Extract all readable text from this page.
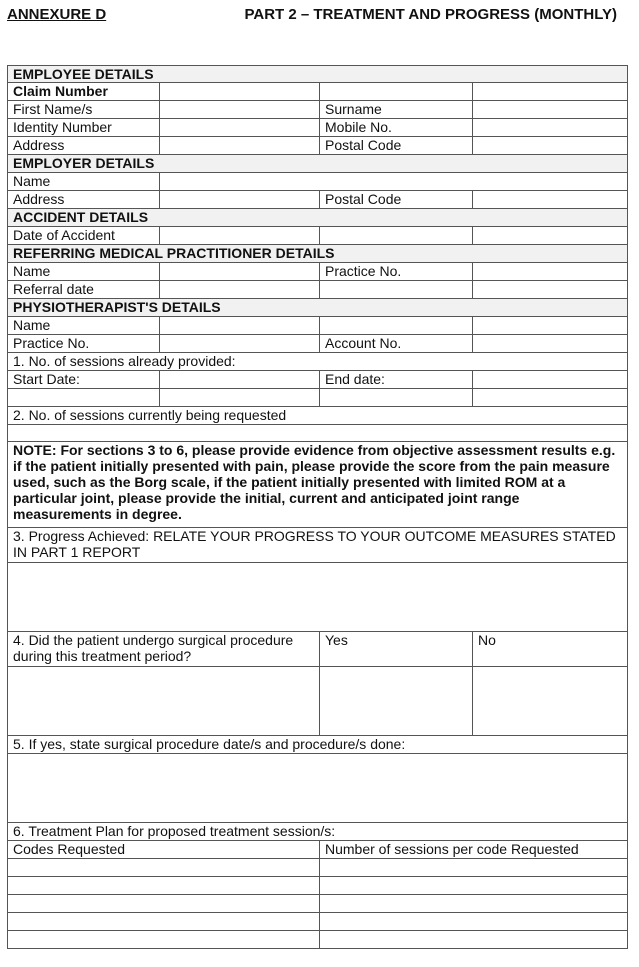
ANNEXURE D	PART 2 – TREATMENT AND PROGRESS (MONTHLY)
EMPLOYEE DETAILS			
Claim Number			
First Name/s		Surname	
Identity Number		Mobile No.	
Address		Postal Code	
EMPLOYER DETAILS			
Name			
Address		Postal Code	
ACCIDENT DETAILS			
Date of Accident			
REFERRING MEDICAL PRACTITIONER DETAILS			
Name		Practice No.	
Referral date			
PHYSIOTHERAPIST'S DETAILS			
Name			
Practice No.		Account No.	
1. No. of sessions already provided:			
Start Date:		End date:	

2. No. of sessions currently being requested			

NOTE: For sections 3 to 6, please provide evidence from objective assessment results e.g. if the patient initially presented with pain, please provide the score from the pain measure used, such as the Borg scale, if the patient initially presented with limited ROM at a particular joint, please provide the initial, current and anticipated joint range measurements in degree.			
3. Progress Achieved: RELATE YOUR PROGRESS TO YOUR OUTCOME MEASURES STATED IN PART 1 REPORT			

4. Did the patient undergo surgical procedure during this treatment period?		Yes	No

5. If yes, state surgical procedure date/s and procedure/s done:			

6. Treatment Plan for proposed treatment session/s:			
Codes Requested		Number of sessions per code Requested	
